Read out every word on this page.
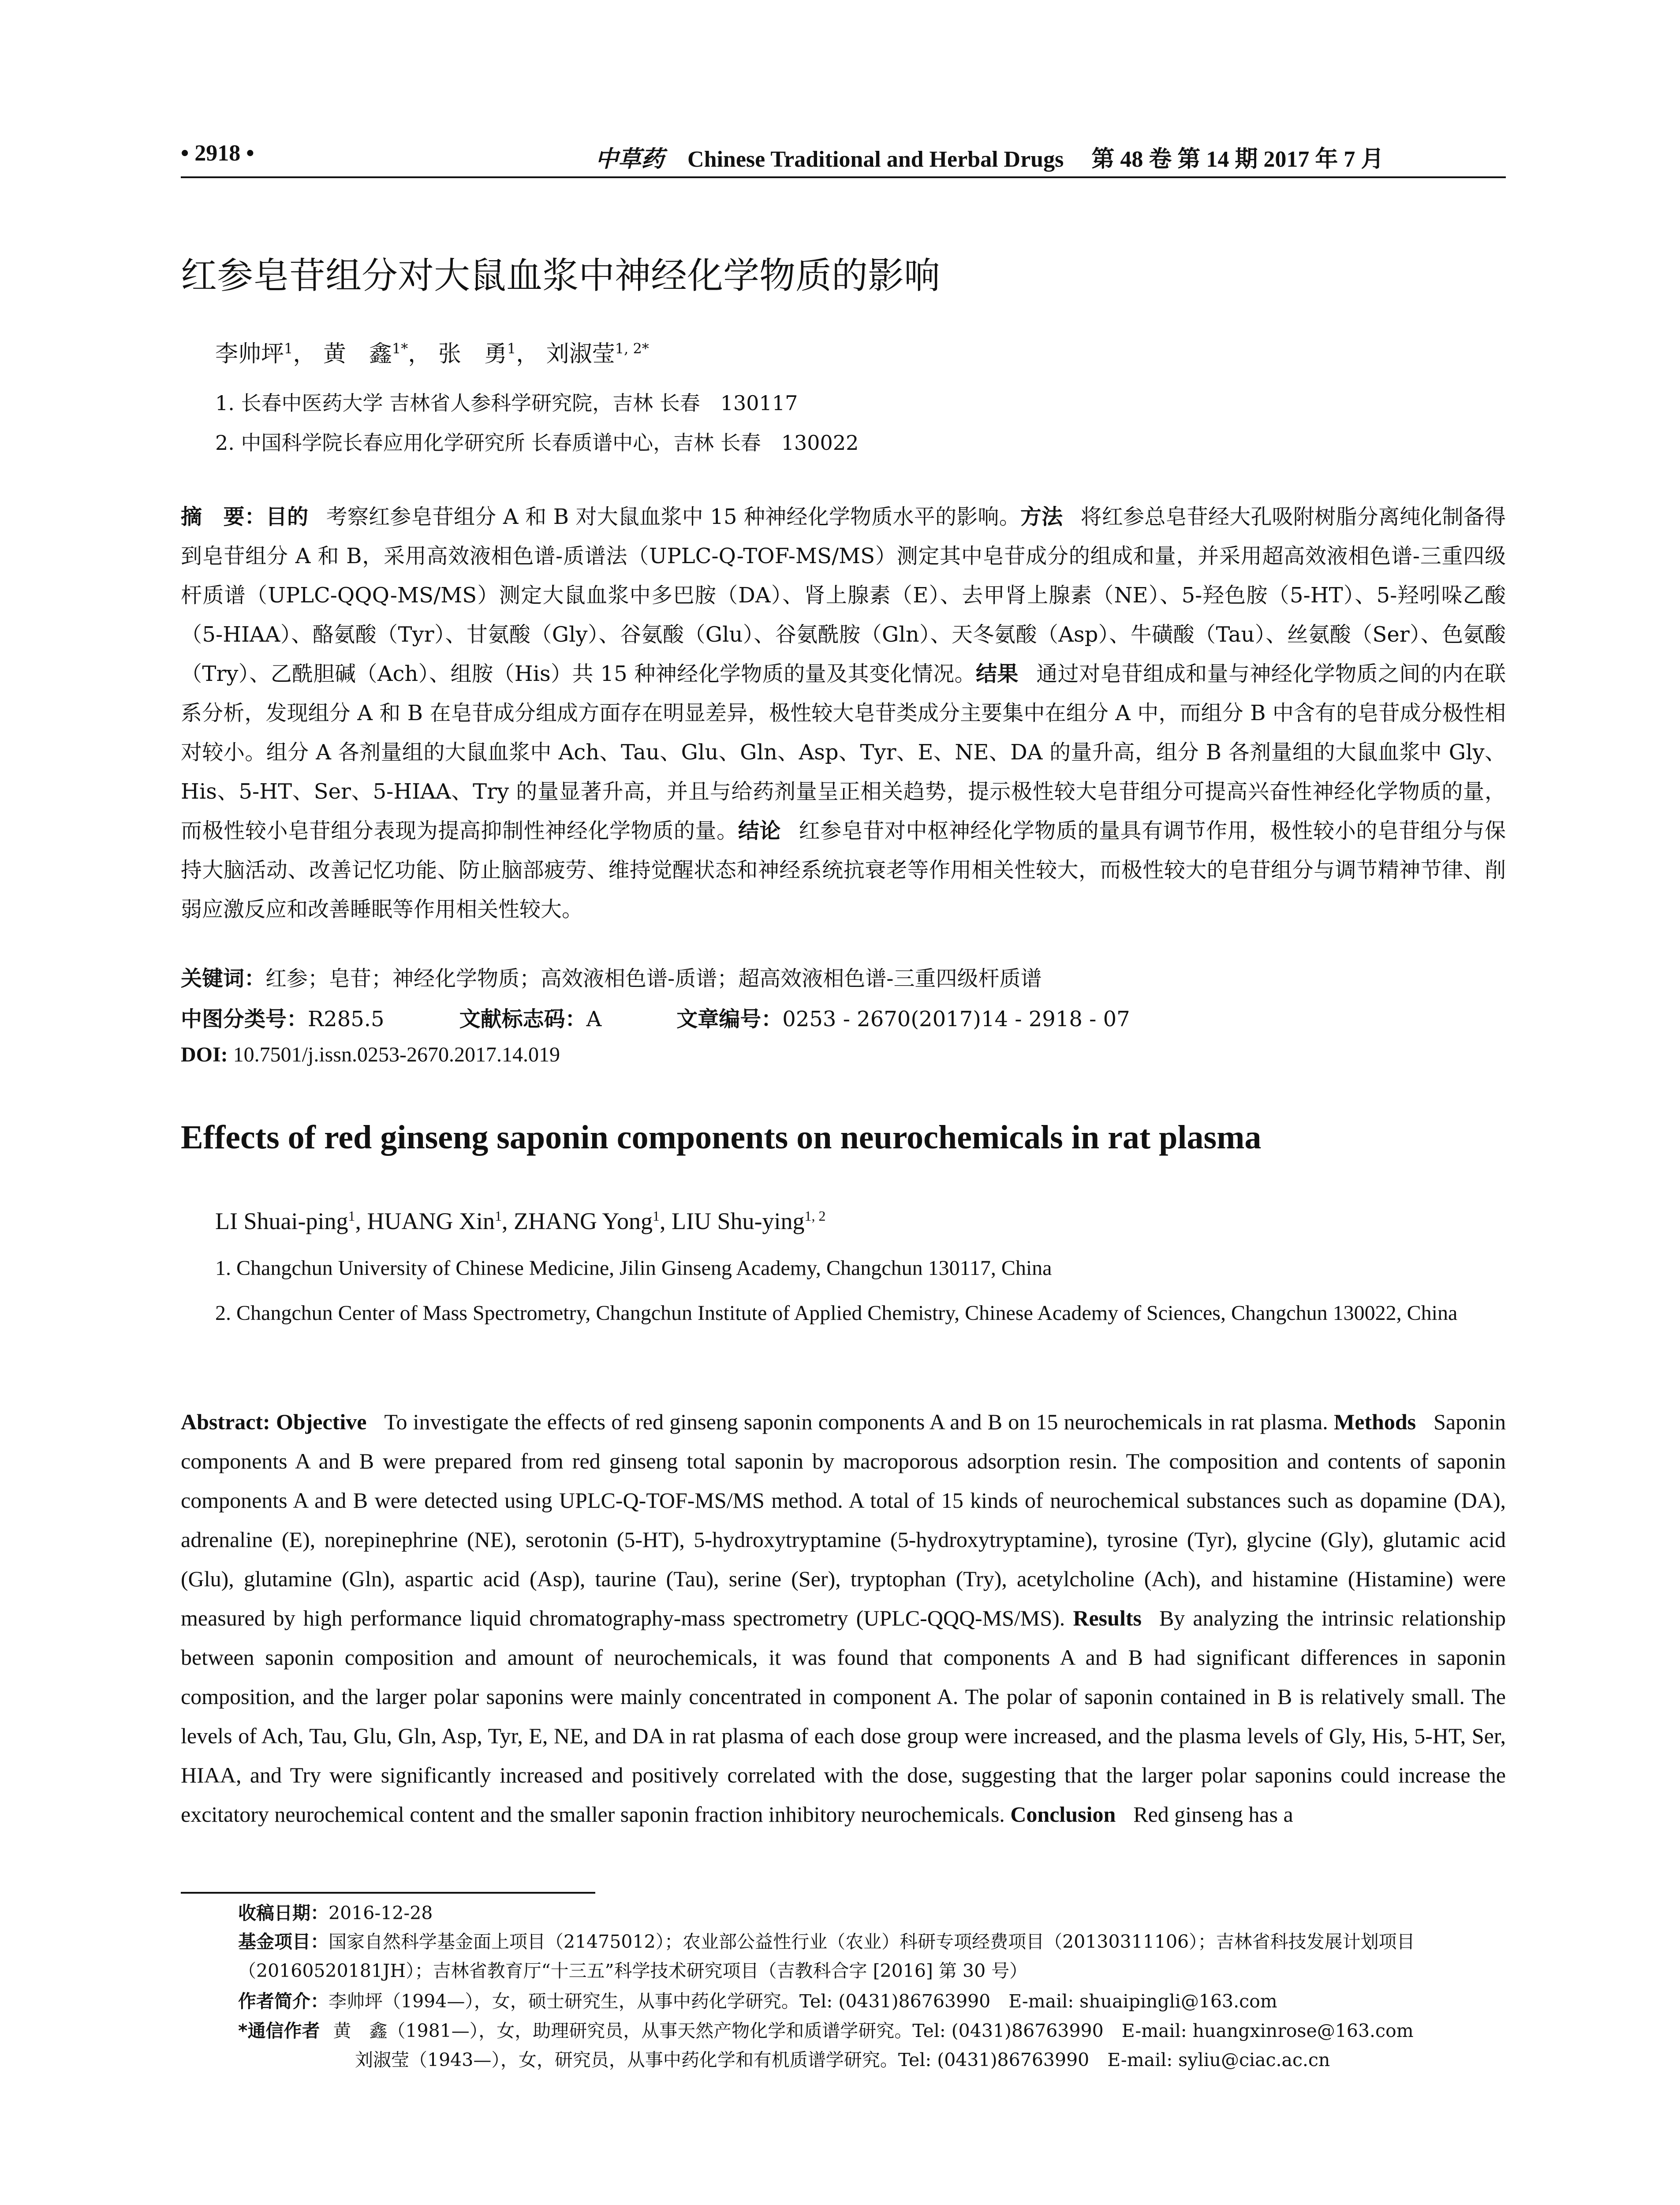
• 2918 •	中草药 Chinese Traditional and Herbal Drugs 第 48 卷 第 14 期 2017 年 7 月
红参皂苷组分对大鼠血浆中神经化学物质的影响
李帅坪$^1$， 黄　鑫$^{1*}$， 张　勇$^1$， 刘淑莹$^{1, 2*}$
1. 长春中医药大学 吉林省人参科学研究院，吉林 长春　130117
2. 中国科学院长春应用化学研究所 长春质谱中心，吉林 长春　130022
摘　要：目的 考察红参皂苷组分 A 和 B 对大鼠血浆中 15 种神经化学物质水平的影响。方法 将红参总皂苷经大孔吸附树脂分离纯化制备得到皂苷组分 A 和 B，采用高效液相色谱-质谱法（UPLC-Q-TOF-MS/MS）测定其中皂苷成分的组成和量，并采用超高效液相色谱-三重四级杆质谱（UPLC-QQQ-MS/MS）测定大鼠血浆中多巴胺（DA）、肾上腺素（E）、去甲肾上腺素（NE）、5-羟色胺（5-HT）、5-羟吲哚乙酸（5-HIAA）、酪氨酸（Tyr）、甘氨酸（Gly）、谷氨酸（Glu）、谷氨酰胺（Gln）、天冬氨酸（Asp）、牛磺酸（Tau）、丝氨酸（Ser）、色氨酸（Try）、乙酰胆碱（Ach）、组胺（His）共 15 种神经化学物质的量及其变化情况。结果 通过对皂苷组成和量与神经化学物质之间的内在联系分析，发现组分 A 和 B 在皂苷成分组成方面存在明显差异，极性较大皂苷类成分主要集中在组分 A 中，而组分 B 中含有的皂苷成分极性相对较小。组分 A 各剂量组的大鼠血浆中 Ach、Tau、Glu、Gln、Asp、Tyr、E、NE、DA 的量升高，组分 B 各剂量组的大鼠血浆中 Gly、His、5-HT、Ser、5-HIAA、Try 的量显著升高，并且与给药剂量呈正相关趋势，提示极性较大皂苷组分可提高兴奋性神经化学物质的量，而极性较小皂苷组分表现为提高抑制性神经化学物质的量。结论 红参皂苷对中枢神经化学物质的量具有调节作用，极性较小的皂苷组分与保持大脑活动、改善记忆功能、防止脑部疲劳、维持觉醒状态和神经系统抗衰老等作用相关性较大，而极性较大的皂苷组分与调节精神节律、削弱应激反应和改善睡眠等作用相关性较大。
关键词：红参；皂苷；神经化学物质；高效液相色谱-质谱；超高效液相色谱-三重四级杆质谱
中图分类号：R285.5	文献标志码：A	文章编号：0253 - 2670(2017)14 - 2918 - 07
DOI: 10.7501/j.issn.0253-2670.2017.14.019
Effects of red ginseng saponin components on neurochemicals in rat plasma
LI Shuai-ping$^1$, HUANG Xin$^1$, ZHANG Yong$^1$, LIU Shu-ying$^{1, 2}$
1. Changchun University of Chinese Medicine, Jilin Ginseng Academy, Changchun 130117, China
2. Changchun Center of Mass Spectrometry, Changchun Institute of Applied Chemistry, Chinese Academy of Sciences, Changchun 130022, China
Abstract: Objective To investigate the effects of red ginseng saponin components A and B on 15 neurochemicals in rat plasma. Methods Saponin components A and B were prepared from red ginseng total saponin by macroporous adsorption resin. The composition and contents of saponin components A and B were detected using UPLC-Q-TOF-MS/MS method. A total of 15 kinds of neurochemical substances such as dopamine (DA), adrenaline (E), norepinephrine (NE), serotonin (5-HT), 5-hydroxytryptamine (5-hydroxytryptamine), tyrosine (Tyr), glycine (Gly), glutamic acid (Glu), glutamine (Gln), aspartic acid (Asp), taurine (Tau), serine (Ser), tryptophan (Try), acetylcholine (Ach), and histamine (Histamine) were measured by high performance liquid chromatography-mass spectrometry (UPLC-QQQ-MS/MS). Results By analyzing the intrinsic relationship between saponin composition and amount of neurochemicals, it was found that components A and B had significant differences in saponin composition, and the larger polar saponins were mainly concentrated in component A. The polar of saponin contained in B is relatively small. The levels of Ach, Tau, Glu, Gln, Asp, Tyr, E, NE, and DA in rat plasma of each dose group were increased, and the plasma levels of Gly, His, 5-HT, Ser, HIAA, and Try were significantly increased and positively correlated with the dose, suggesting that the larger polar saponins could increase the excitatory neurochemical content and the smaller saponin fraction inhibitory neurochemicals. Conclusion Red ginseng has a
收稿日期：2016-12-28
基金项目：国家自然科学基金面上项目（21475012）；农业部公益性行业（农业）科研专项经费项目（20130311106）；吉林省科技发展计划项目（20160520181JH）；吉林省教育厅“十三五”科学技术研究项目（吉教科合字 [2016] 第 30 号）
作者简介：李帅坪（1994—），女，硕士研究生，从事中药化学研究。Tel: (0431)86763990　E-mail: shuaipingli@163.com
*通信作者 黄　鑫（1981—），女，助理研究员，从事天然产物化学和质谱学研究。Tel: (0431)86763990　E-mail: huangxinrose@163.com
刘淑莹（1943—），女，研究员，从事中药化学和有机质谱学研究。Tel: (0431)86763990　E-mail: syliu@ciac.ac.cn
